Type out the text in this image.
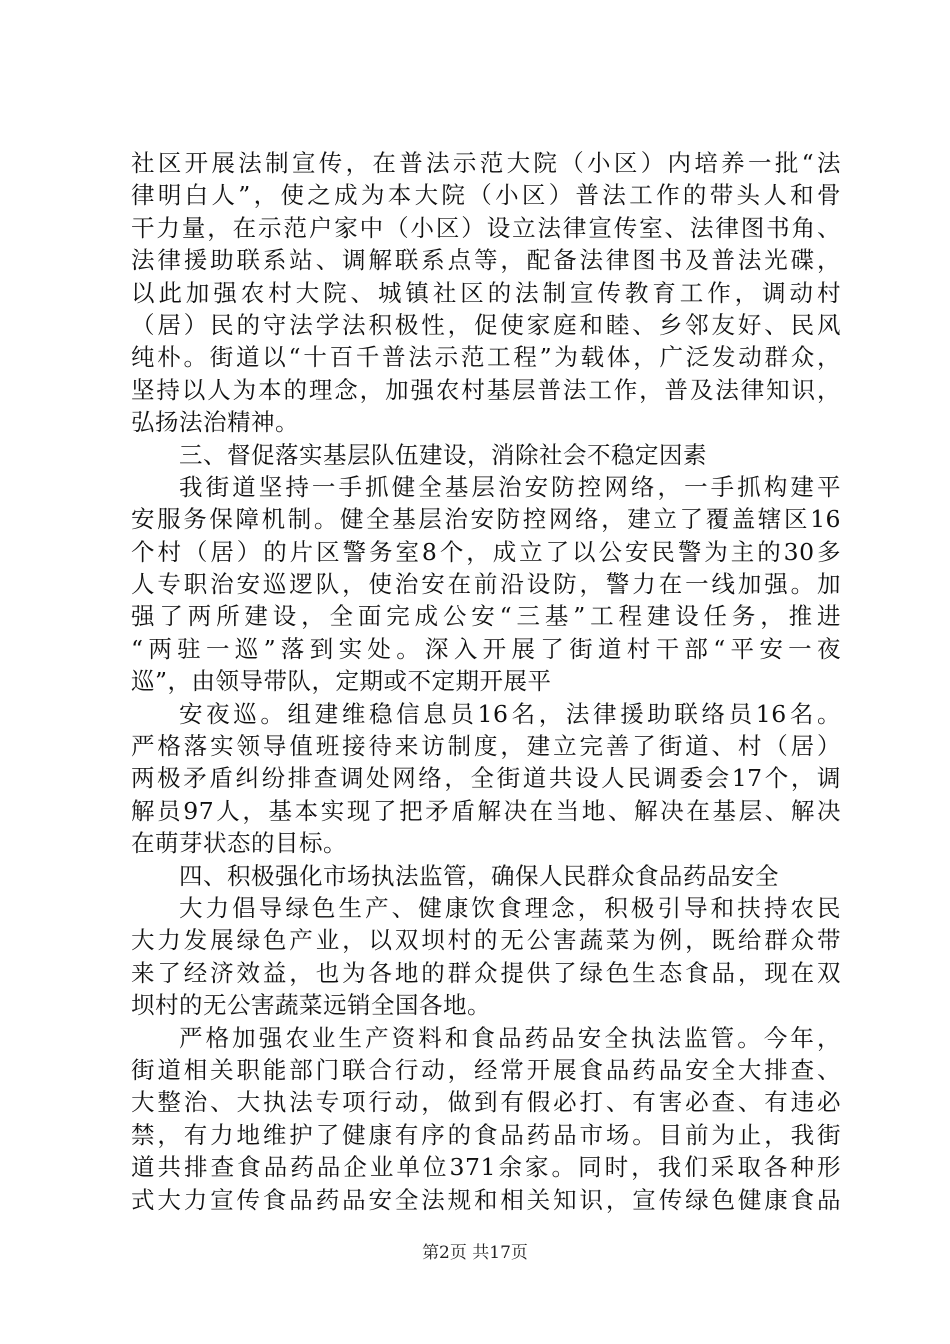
社区开展法制宣传，在普法示范大院（小区）内培养一批“法
律明白人”，使之成为本大院（小区）普法工作的带头人和骨
干力量，在示范户家中（小区）设立法律宣传室、法律图书角、
法律援助联系站、调解联系点等，配备法律图书及普法光碟，
以此加强农村大院、城镇社区的法制宣传教育工作，调动村
（居）民的守法学法积极性，促使家庭和睦、乡邻友好、民风
纯朴。街道以“十百千普法示范工程”为载体，广泛发动群众，
坚持以人为本的理念，加强农村基层普法工作，普及法律知识，
弘扬法治精神。
三、督促落实基层队伍建设，消除社会不稳定因素
我街道坚持一手抓健全基层治安防控网络，一手抓构建平
安服务保障机制。健全基层治安防控网络，建立了覆盖辖区16
个村（居）的片区警务室8个，成立了以公安民警为主的30多
人专职治安巡逻队，使治安在前沿设防，警力在一线加强。加
强了两所建设，全面完成公安“三基”工程建设任务，推进
“两驻一巡”落到实处。深入开展了街道村干部“平安一夜
巡”，由领导带队，定期或不定期开展平
安夜巡。组建维稳信息员16名，法律援助联络员16名。
严格落实领导值班接待来访制度，建立完善了街道、村（居）
两极矛盾纠纷排查调处网络，全街道共设人民调委会17个，调
解员97人，基本实现了把矛盾解决在当地、解决在基层、解决
在萌芽状态的目标。
四、积极强化市场执法监管，确保人民群众食品药品安全
大力倡导绿色生产、健康饮食理念，积极引导和扶持农民
大力发展绿色产业，以双坝村的无公害蔬菜为例，既给群众带
来了经济效益，也为各地的群众提供了绿色生态食品，现在双
坝村的无公害蔬菜远销全国各地。
严格加强农业生产资料和食品药品安全执法监管。今年，
街道相关职能部门联合行动，经常开展食品药品安全大排查、
大整治、大执法专项行动，做到有假必打、有害必查、有违必
禁，有力地维护了健康有序的食品药品市场。目前为止，我街
道共排查食品药品企业单位371余家。同时，我们采取各种形
式大力宣传食品药品安全法规和相关知识，宣传绿色健康食品
第2页 共17页
